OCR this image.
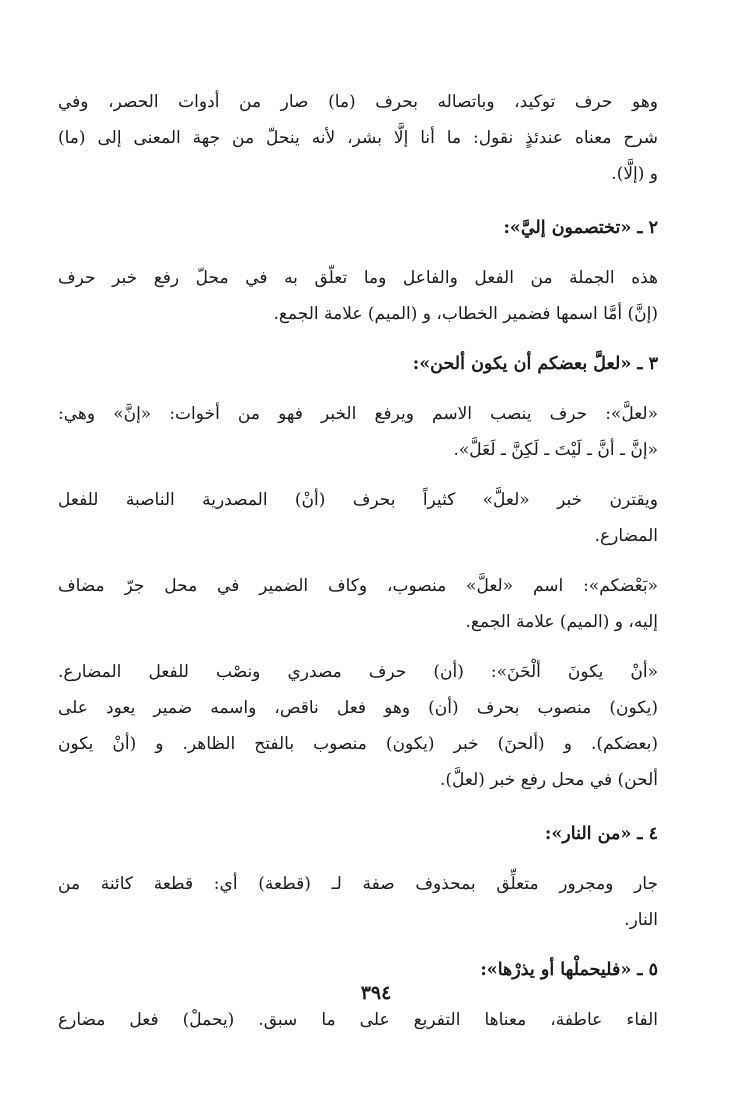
وهو حرف توكيد، وباتصاله بحرف (ما) صار من أدوات الحصر، وفي
شرح معناه عندئذٍ نقول: ما أنا إلَّا بشر، لأنه ينحلّ من جهة المعنى إلى (ما)
و (إلَّا).

٢ ـ «تختصمون إليَّ»:

هذه الجملة من الفعل والفاعل وما تعلّق به في محلّ رفع خبر حرف
(إنَّ) أمَّا اسمها فضمير الخطاب، و (الميم) علامة الجمع.

٣ ـ «لعلَّ بعضكم أن يكون ألحن»:

«لعلَّ»: حرف ينصب الاسم ويرفع الخبر فهو من أخوات: «إنَّ» وهي:
«إنَّ ـ أنَّ ـ لَيْتَ ـ لَكِنَّ ـ لَعَلَّ».

ويقترن خبر «لعلَّ» كثيراً بحرف (أنْ) المصدرية الناصبة للفعل
المضارع.

«بَعْضكم»: اسم «لعلَّ» منصوب، وكاف الضمير في محل جرّ مضاف
إليه، و (الميم) علامة الجمع.

«أنْ يكونَ ألْحَنَ»: (أن) حرف مصدري ونصْب للفعل المضارع.
(يكون) منصوب بحرف (أن) وهو فعل ناقص، واسمه ضمير يعود على
(بعضكم). و (ألحنَ) خبر (يكون) منصوب بالفتح الظاهر. و (أنْ يكون
ألحن) في محل رفع خبر (لعلَّ).

٤ ـ «من النار»:

جار ومجرور متعلِّق بمحذوف صفة لـ (قطعة) أي: قطعة كائنة من
النار.

٥ ـ «فليحملْها أو يذرْها»:

الفاء عاطفة، معناها التفريع على ما سبق. (يحملْ) فعل مضارع

٣٩٤
